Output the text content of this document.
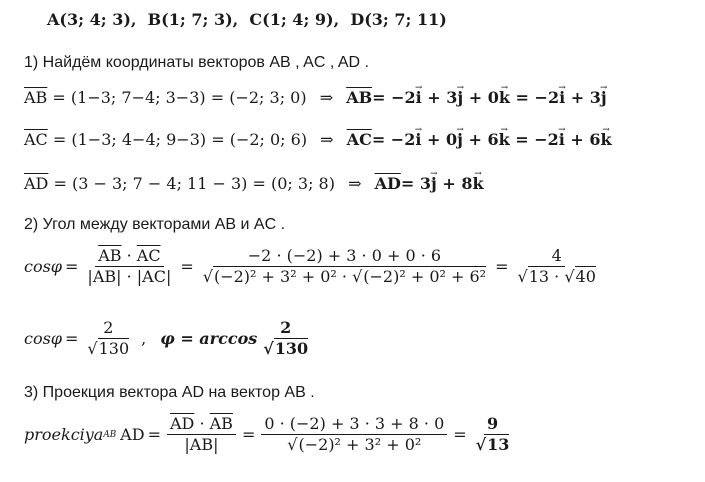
A(3; 4; 3), B(1; 7; 3), C(1; 4; 9), D(3; 7; 11)
1) Найдём координаты векторов AB , AC , AD .
$\overline{AB} = (1-3$; 7−4; 3−3) = (−2; 3; 0) ⇒ $\overline{AB}= -2\to i + 3\to j + 0\to k = -2\to i + 3\to j$
$\overline{AC} = (1-3$; 4−4; 9−3) = (−2; 0; 6) ⇒ $\overline{AC}= -2\to i + 0\to j + 6\to k = -2\to i + 6\to k$
$\overline{AD} = (3 - 3$; 7 − 4; 11 − 3) = (0; 3; 8) ⇒ $\overline{AD}= 3\to j + 8\to k$
2) Угол между векторами AB и AC .
$\cos\varphi = \frac{\overline{AB} \cdot \overline{AC}}{|AB| \cdot |AC|} = \frac{-2 \cdot (-2) + 3 \cdot 0 + 0 \cdot 6}{\text{√(−2)² + 3² + 0² · √(−2)² + 0² + 6²}} = \frac{4}{√13 \cdot √40}$
$\cos\varphi = \frac{2}{√130}$ , $\varphi = \arccos \frac{2}{√130}$
3) Проекция вектора AD на вектор AB .
proekciya AB AD = $\frac{\overline{AD} \cdot \overline{AB}}{|AB|} = \frac{0 \cdot (-2) + 3 \cdot 3 + 8 \cdot 0}{\text{√(−2)² + 3² + 0²}} = \frac{9}{√13}$
